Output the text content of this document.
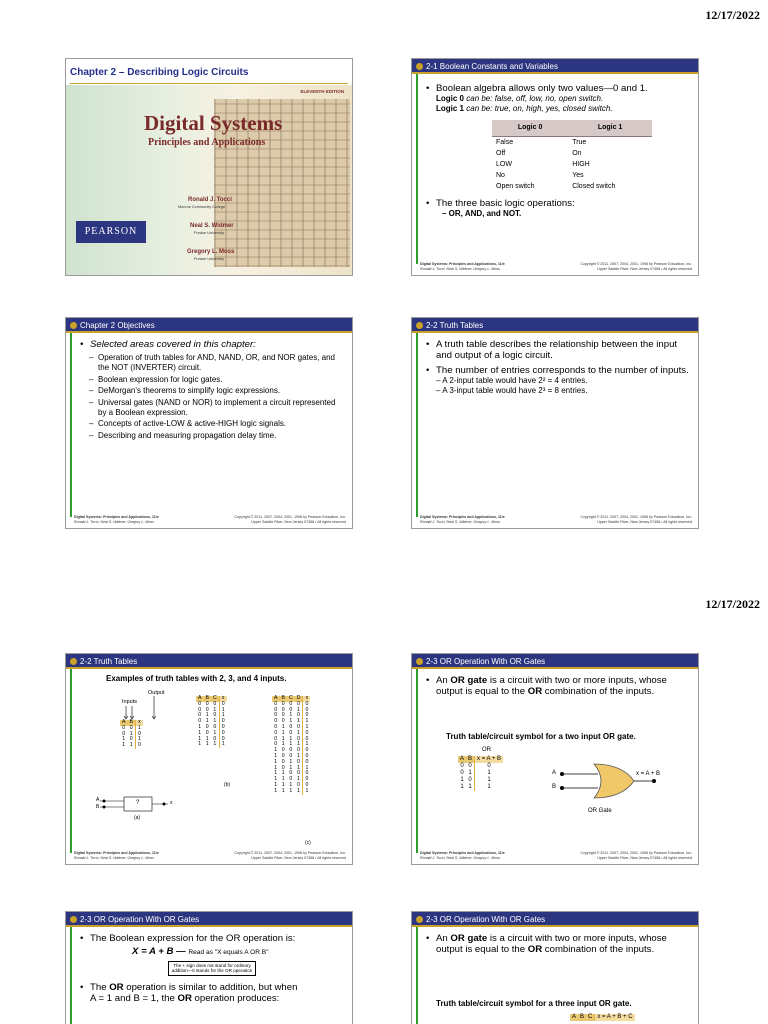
12/17/2022
Chapter 2 – Describing Logic Circuits
ELEVENTH EDITION
Digital Systems
Principles and Applications
Ronald J. Tocci
Monroe Community College
Neal S. Widmer
Purdue University
Gregory L. Moss
Purdue University
PEARSON
2-1 Boolean Constants and Variables
• Boolean algebra allows only two values—0 and 1.
Logic 0 can be: false, off, low, no, open switch.
Logic 1 can be: true, on, high, yes, closed switch.
Logic 0	Logic 1
False	True
Off	On
LOW	HIGH
No	Yes
Open switch	Closed switch
• The three basic logic operations:
– OR, AND, and NOT.
Digital Systems: Principles and Applications, 11/e
Ronald J. Tocci, Neal S. Widmer, Gregory L. Moss
Copyright © 2011, 2007, 2004, 2001, 1998 by Pearson Education, Inc.
Upper Saddle River, New Jersey 07458 • All rights reserved
Chapter 2 Objectives
• Selected areas covered in this chapter:
– Operation of truth tables for AND, NAND, OR, and NOR gates, and the NOT (INVERTER) circuit.
– Boolean expression for logic gates.
– DeMorgan's theorems to simplify logic expressions.
– Universal gates (NAND or NOR) to implement a circuit represented by a Boolean expression.
– Concepts of active-LOW & active-HIGH logic signals.
– Describing and measuring propagation delay time.
Digital Systems: Principles and Applications, 11/e
Ronald J. Tocci, Neal S. Widmer, Gregory L. Moss
Copyright © 2011, 2007, 2004, 2001, 1998 by Pearson Education, Inc.
Upper Saddle River, New Jersey 07458 • All rights reserved
2-2 Truth Tables
• A truth table describes the relationship between the input and output of a logic circuit.
• The number of entries corresponds to the number of inputs.
– A 2-input table would have 2² = 4 entries.
– A 3-input table would have 2³ = 8 entries.
Digital Systems: Principles and Applications, 11/e
Ronald J. Tocci, Neal S. Widmer, Gregory L. Moss
Copyright © 2011, 2007, 2004, 2001, 1998 by Pearson Education, Inc.
Upper Saddle River, New Jersey 07458 • All rights reserved
12/17/2022
2-2 Truth Tables
Examples of truth tables with 2, 3, and 4 inputs.
Output
Inputs
A
B
?	x
(a)
A	B	x
0	0	1
0	1	0
1	0	1
1	1	0
A	B	C	x
0	0	0	0
0	0	1	1
0	1	0	1
0	1	1	0
1	0	0	0
1	0	1	0
1	1	0	0
1	1	1	1
(b)
A	B	C	D	x
0	0	0	0	0
0	0	0	1	0
0	0	1	0	0
0	0	1	1	1
0	1	0	0	1
0	1	0	1	0
0	1	1	0	0
0	1	1	1	1
1	0	0	0	0
1	0	0	1	0
1	0	1	0	0
1	0	1	1	1
1	1	0	0	0
1	1	0	1	0
1	1	1	0	0
1	1	1	1	1
(c)
Digital Systems: Principles and Applications, 11/e
Ronald J. Tocci, Neal S. Widmer, Gregory L. Moss
Copyright © 2011, 2007, 2004, 2001, 1998 by Pearson Education, Inc.
Upper Saddle River, New Jersey 07458 • All rights reserved
2-3 OR Operation With OR Gates
• An OR gate is a circuit with two or more inputs, whose output is equal to the OR combination of the inputs.
Truth table/circuit symbol for a two input OR gate.
OR
A	B	x = A + B
0	0	0
0	1	1
1	0	1
1	1	1
A
B
x = A + B
OR Gate
Digital Systems: Principles and Applications, 11/e
Ronald J. Tocci, Neal S. Widmer, Gregory L. Moss
Copyright © 2011, 2007, 2004, 2001, 1998 by Pearson Education, Inc.
Upper Saddle River, New Jersey 07458 • All rights reserved
2-3 OR Operation With OR Gates
• The Boolean expression for the OR operation is:
X = A + B — Read as "X equals A OR B"
The + sign does not stand for ordinary
addition—it stands for the OR operation
• The OR operation is similar to addition, but when
A = 1 and B = 1, the OR operation produces:
2-3 OR Operation With OR Gates
• An OR gate is a circuit with two or more inputs, whose output is equal to the OR combination of the inputs.
Truth table/circuit symbol for a three input OR gate.
A	B	C	x = A + B + C
